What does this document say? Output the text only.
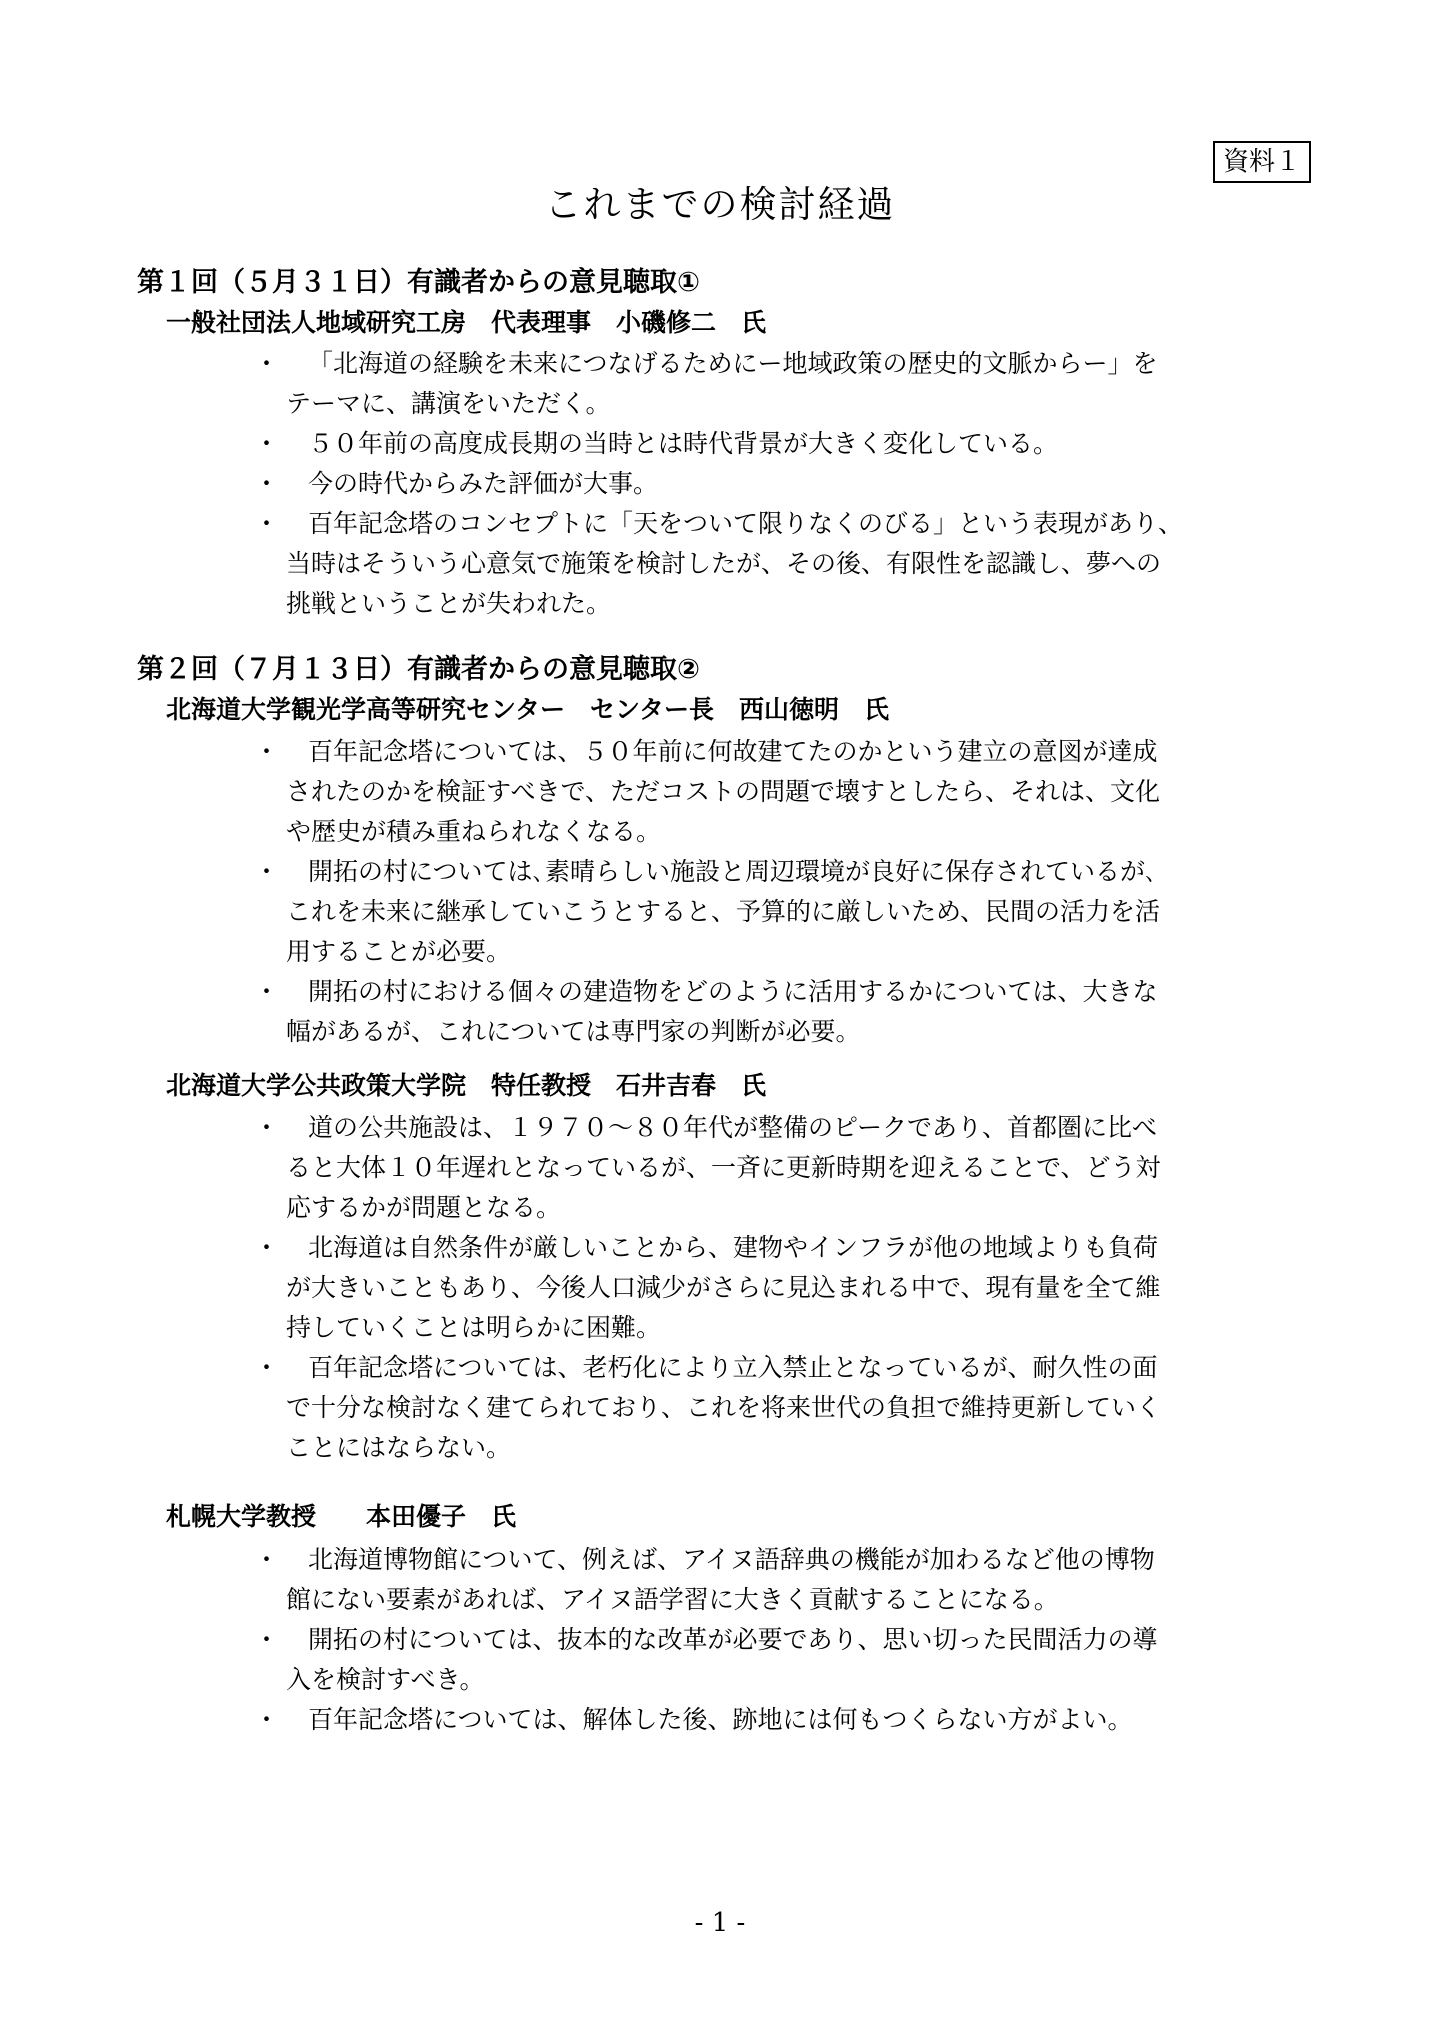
資料１
これまでの検討経過
第１回（５月３１日）有識者からの意見聴取①
一般社団法人地域研究工房　代表理事　小磯修二　氏
・	「北海道の経験を未来につなげるためにー地域政策の歴史的文脈からー」を
テーマに、講演をいただく。
・	５０年前の高度成長期の当時とは時代背景が大きく変化している。
・	今の時代からみた評価が大事。
・	百年記念塔のコンセプトに「天をついて限りなくのびる」という表現があり、
当時はそういう心意気で施策を検討したが、その後、有限性を認識し、夢への
挑戦ということが失われた。
第２回（７月１３日）有識者からの意見聴取②
北海道大学観光学高等研究センター　センター長　西山徳明　氏
・	百年記念塔については、５０年前に何故建てたのかという建立の意図が達成
されたのかを検証すべきで、ただコストの問題で壊すとしたら、それは、文化
や歴史が積み重ねられなくなる。
・	開拓の村については､素晴らしい施設と周辺環境が良好に保存されているが､
これを未来に継承していこうとすると、予算的に厳しいため、民間の活力を活
用することが必要。
・	開拓の村における個々の建造物をどのように活用するかについては、大きな
幅があるが、これについては専門家の判断が必要。
北海道大学公共政策大学院　特任教授　石井吉春　氏
・	道の公共施設は、１９７０～８０年代が整備のピークであり、首都圏に比べ
ると大体１０年遅れとなっているが、一斉に更新時期を迎えることで、どう対
応するかが問題となる。
・	北海道は自然条件が厳しいことから、建物やインフラが他の地域よりも負荷
が大きいこともあり、今後人口減少がさらに見込まれる中で、現有量を全て維
持していくことは明らかに困難。
・	百年記念塔については、老朽化により立入禁止となっているが、耐久性の面
で十分な検討なく建てられており、これを将来世代の負担で維持更新していく
ことにはならない。
札幌大学教授　　本田優子　氏
・	北海道博物館について、例えば、アイヌ語辞典の機能が加わるなど他の博物
館にない要素があれば、アイヌ語学習に大きく貢献することになる。
・	開拓の村については、抜本的な改革が必要であり、思い切った民間活力の導
入を検討すべき。
・	百年記念塔については、解体した後、跡地には何もつくらない方がよい。
- 1 -
